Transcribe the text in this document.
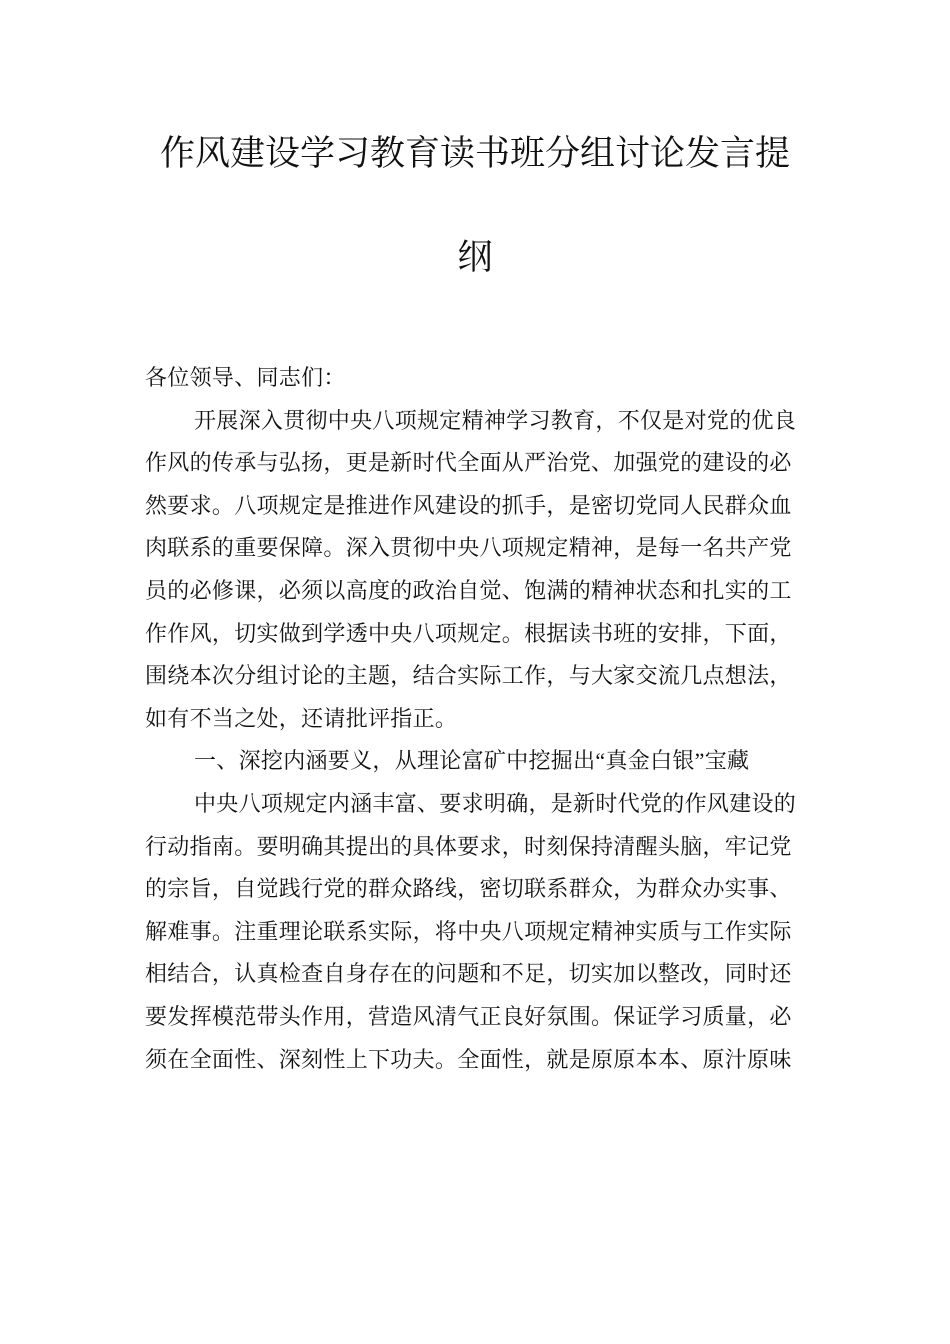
作风建设学习教育读书班分组讨论发言提
纲
各位领导、同志们：
开展深入贯彻中央八项规定精神学习教育，不仅是对党的优良
作风的传承与弘扬，更是新时代全面从严治党、加强党的建设的必
然要求。八项规定是推进作风建设的抓手，是密切党同人民群众血
肉联系的重要保障。深入贯彻中央八项规定精神，是每一名共产党
员的必修课，必须以高度的政治自觉、饱满的精神状态和扎实的工
作作风，切实做到学透中央八项规定。根据读书班的安排，下面，
围绕本次分组讨论的主题，结合实际工作，与大家交流几点想法，
如有不当之处，还请批评指正。
一、深挖内涵要义，从理论富矿中挖掘出“真金白银”宝藏
中央八项规定内涵丰富、要求明确，是新时代党的作风建设的
行动指南。要明确其提出的具体要求，时刻保持清醒头脑，牢记党
的宗旨，自觉践行党的群众路线，密切联系群众，为群众办实事、
解难事。注重理论联系实际，将中央八项规定精神实质与工作实际
相结合，认真检查自身存在的问题和不足，切实加以整改，同时还
要发挥模范带头作用，营造风清气正良好氛围。保证学习质量，必
须在全面性、深刻性上下功夫。全面性，就是原原本本、原汁原味
